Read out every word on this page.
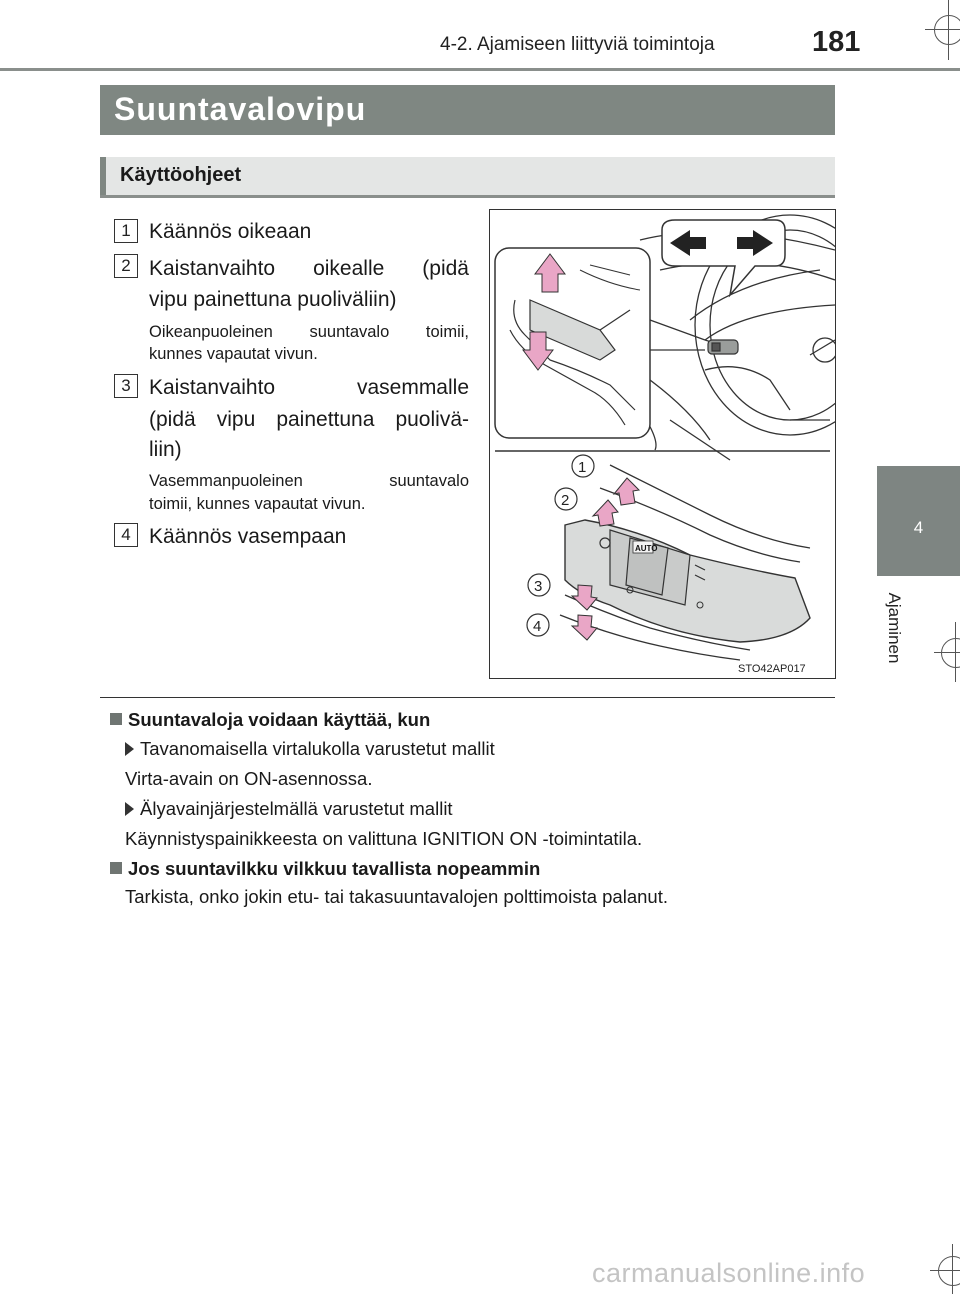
4-2. Ajamiseen liittyviä toimintoja	181
4
Ajaminen
Suuntavalovipu
Käyttöohjeet
1 Käännös oikeaan
2 Kaistanvaihto oikealle (pidä
vipu painettuna puoliväliin)
Oikeanpuoleinen suuntavalo toimii,
kunnes vapautat vivun.
3 Kaistanvaihto vasemmalle
(pidä vipu painettuna puolivä-
liin)
Vasemmanpuoleinen suuntavalo
toimii, kunnes vapautat vivun.
4 Käännös vasempaan
AUTO
1
2
3
4
STO42AP017
Suuntavaloja voidaan käyttää, kun
Tavanomaisella virtalukolla varustetut mallit
Virta-avain on ON-asennossa.
Älyavainjärjestelmällä varustetut mallit
Käynnistyspainikkeesta on valittuna IGNITION ON -toimintatila.
Jos suuntavilkku vilkkuu tavallista nopeammin
Tarkista, onko jokin etu- tai takasuuntavalojen polttimoista palanut.
carmanualsonline.info
